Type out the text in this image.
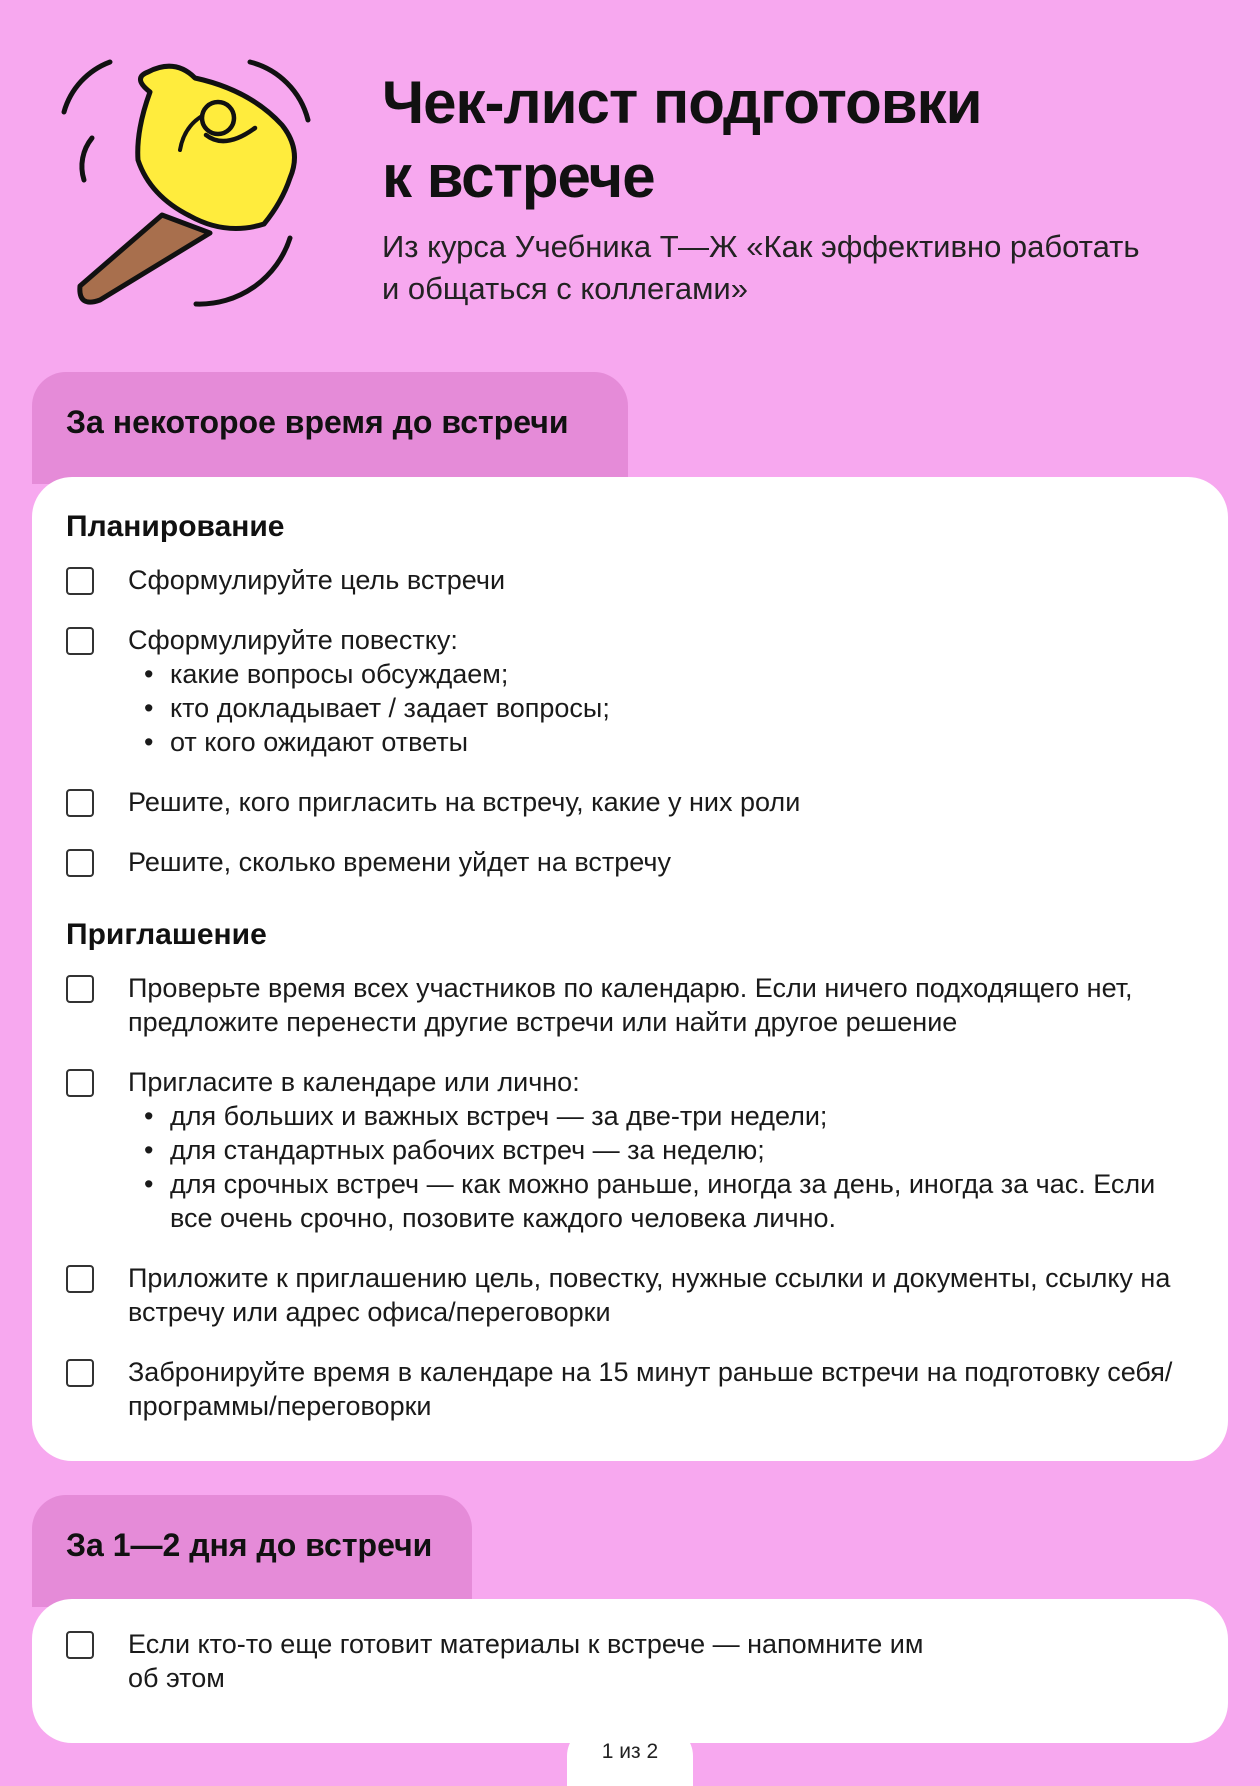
Чек-лист подготовки
к встрече
Из курса Учебника Т—Ж «Как эффективно работать
и общаться с коллегами»
За некоторое время до встречи
Планирование
Сформулируйте цель встречи
Сформулируйте повестку:
• какие вопросы обсуждаем;
• кто докладывает / задает вопросы;
• от кого ожидают ответы
Решите, кого пригласить на встречу, какие у них роли
Решите, сколько времени уйдет на встречу
Приглашение
Проверьте время всех участников по календарю. Если ничего подходящего нет, предложите перенести другие встречи или найти другое решение
Пригласите в календаре или лично:
• для больших и важных встреч — за две-три недели;
• для стандартных рабочих встреч — за неделю;
• для срочных встреч — как можно раньше, иногда за день, иногда за час. Если все очень срочно, позовите каждого человека лично.
Приложите к приглашению цель, повестку, нужные ссылки и документы, ссылку на встречу или адрес офиса/переговорки
Забронируйте время в календаре на 15 минут раньше встречи на подготовку себя/программы/переговорки
За 1—2 дня до встречи
Если кто-то еще готовит материалы к встрече — напомните им об этом
1 из 2
